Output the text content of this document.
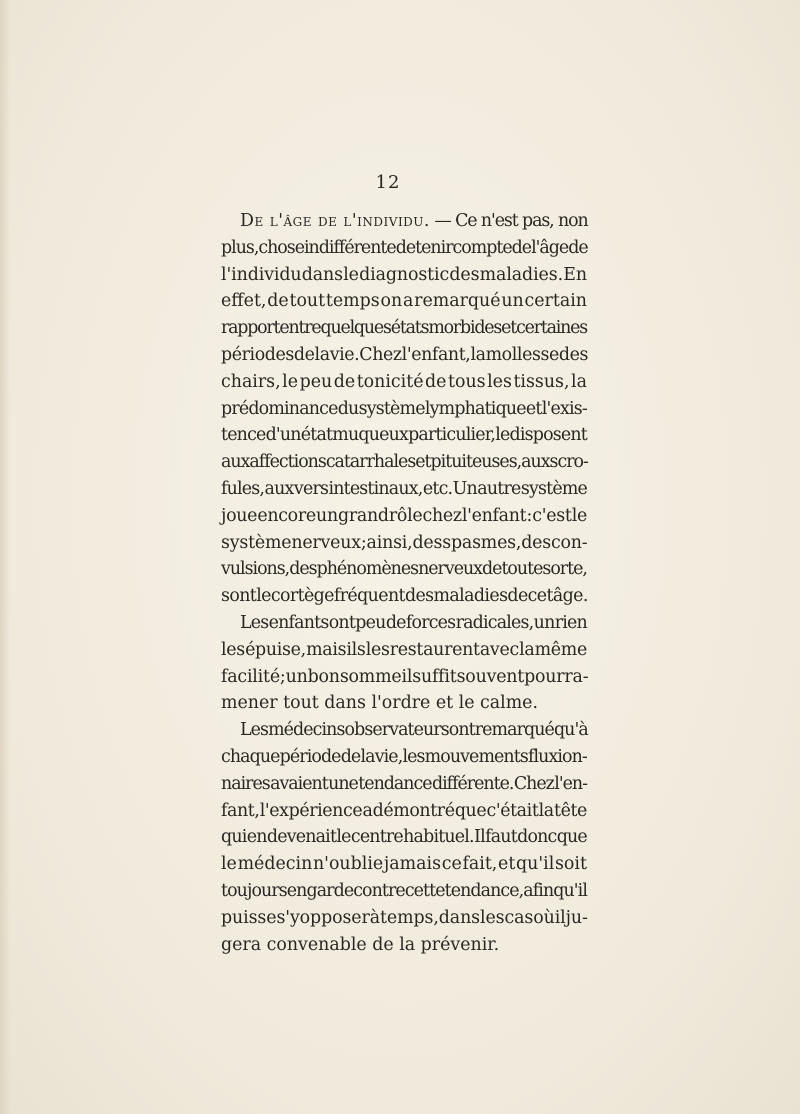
12
De l'âge de l'individu. — Ce n'est pas, non
plus, chose indifférente de tenir compte de l'âge de
l'individu dans le diagnostic des maladies. En
effet, de tout temps on a remarqué un certain
rapport entre quelques états morbides et certaines
périodes de la vie. Chez l'enfant, la mollesse des
chairs, le peu de tonicité de tous les tissus, la
prédominance du système lymphatique et l'exis-
tence d'un état muqueux particulier, le disposent
aux affections catarrhales et pituiteuses, aux scro-
fules, aux vers intestinaux, etc. Un autre système
joue encore un grand rôle chez l'enfant : c'est le
système nerveux ; ainsi, des spasmes, des con-
vulsions, des phénomènes nerveux de toute sorte,
sont le cortège fréquent des maladies de cet âge.
Les enfants ont peu de forces radicales, un rien
les épuise, mais ils les restaurent avec la même
facilité ; un bon sommeil suffit souvent pour ra-
mener tout dans l'ordre et le calme.
Les médecins observateurs ont remarqué qu'à
chaque période de la vie, les mouvements fluxion-
naires avaient une tendance différente. Chez l'en-
fant, l'expérience a démontré que c'était la tête
qui en devenait le centre habituel. Il faut donc que
le médecin n'oublie jamais ce fait, et qu'il soit
toujours en garde contre cette tendance, afin qu'il
puisse s'y opposer à temps, dans les cas où il ju-
gera convenable de la prévenir.
